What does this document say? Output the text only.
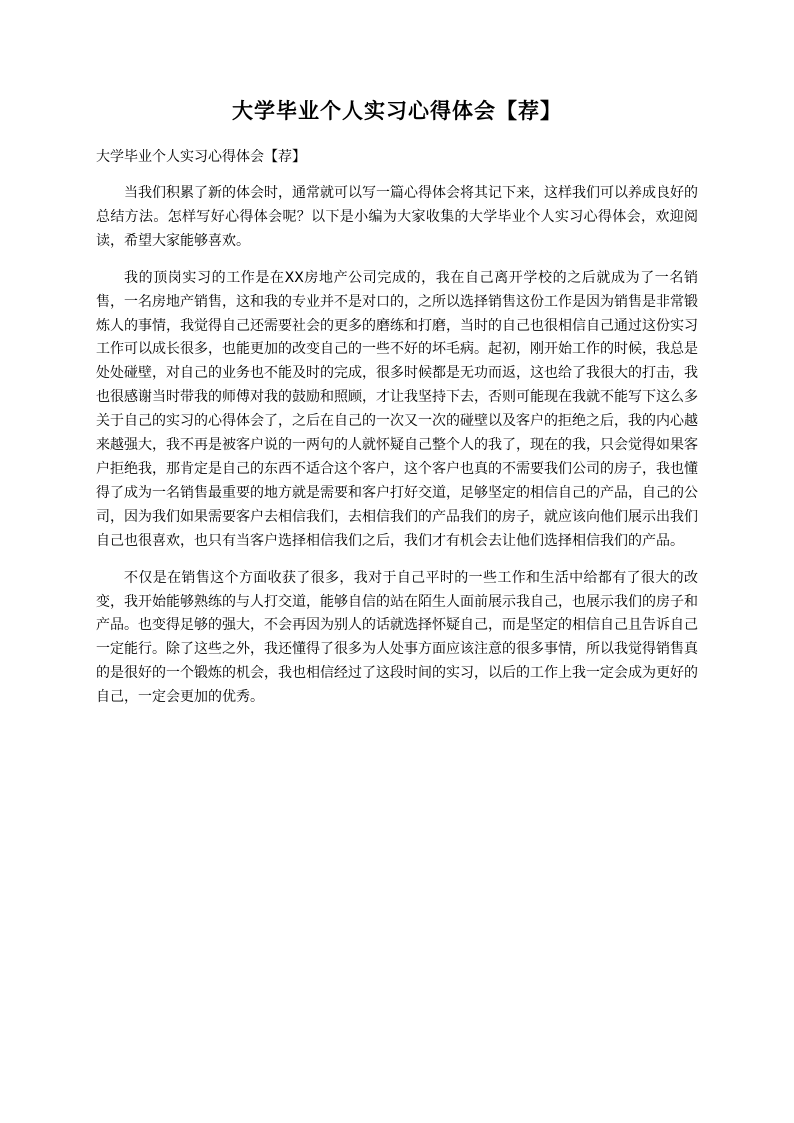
大学毕业个人实习心得体会【荐】
大学毕业个人实习心得体会【荐】

当我们积累了新的体会时，通常就可以写一篇心得体会将其记下来，这样我们可以养成良好的总结方法。怎样写好心得体会呢？以下是小编为大家收集的大学毕业个人实习心得体会，欢迎阅读，希望大家能够喜欢。

我的顶岗实习的工作是在XX房地产公司完成的，我在自己离开学校的之后就成为了一名销售，一名房地产销售，这和我的专业并不是对口的，之所以选择销售这份工作是因为销售是非常锻炼人的事情，我觉得自己还需要社会的更多的磨练和打磨，当时的自己也很相信自己通过这份实习工作可以成长很多，也能更加的改变自己的一些不好的坏毛病。起初，刚开始工作的时候，我总是处处碰壁，对自己的业务也不能及时的完成，很多时候都是无功而返，这也给了我很大的打击，我也很感谢当时带我的师傅对我的鼓励和照顾，才让我坚持下去，否则可能现在我就不能写下这么多关于自己的实习的心得体会了，之后在自己的一次又一次的碰壁以及客户的拒绝之后，我的内心越来越强大，我不再是被客户说的一两句的人就怀疑自己整个人的我了，现在的我，只会觉得如果客户拒绝我，那肯定是自己的东西不适合这个客户，这个客户也真的不需要我们公司的房子，我也懂得了成为一名销售最重要的地方就是需要和客户打好交道，足够坚定的相信自己的产品，自己的公司，因为我们如果需要客户去相信我们，去相信我们的产品我们的房子，就应该向他们展示出我们自己也很喜欢，也只有当客户选择相信我们之后，我们才有机会去让他们选择相信我们的产品。

不仅是在销售这个方面收获了很多，我对于自己平时的一些工作和生活中给都有了很大的改变，我开始能够熟练的与人打交道，能够自信的站在陌生人面前展示我自己，也展示我们的房子和产品。也变得足够的强大，不会再因为别人的话就选择怀疑自己，而是坚定的相信自己且告诉自己一定能行。除了这些之外，我还懂得了很多为人处事方面应该注意的很多事情，所以我觉得销售真的是很好的一个锻炼的机会，我也相信经过了这段时间的实习，以后的工作上我一定会成为更好的自己，一定会更加的优秀。
